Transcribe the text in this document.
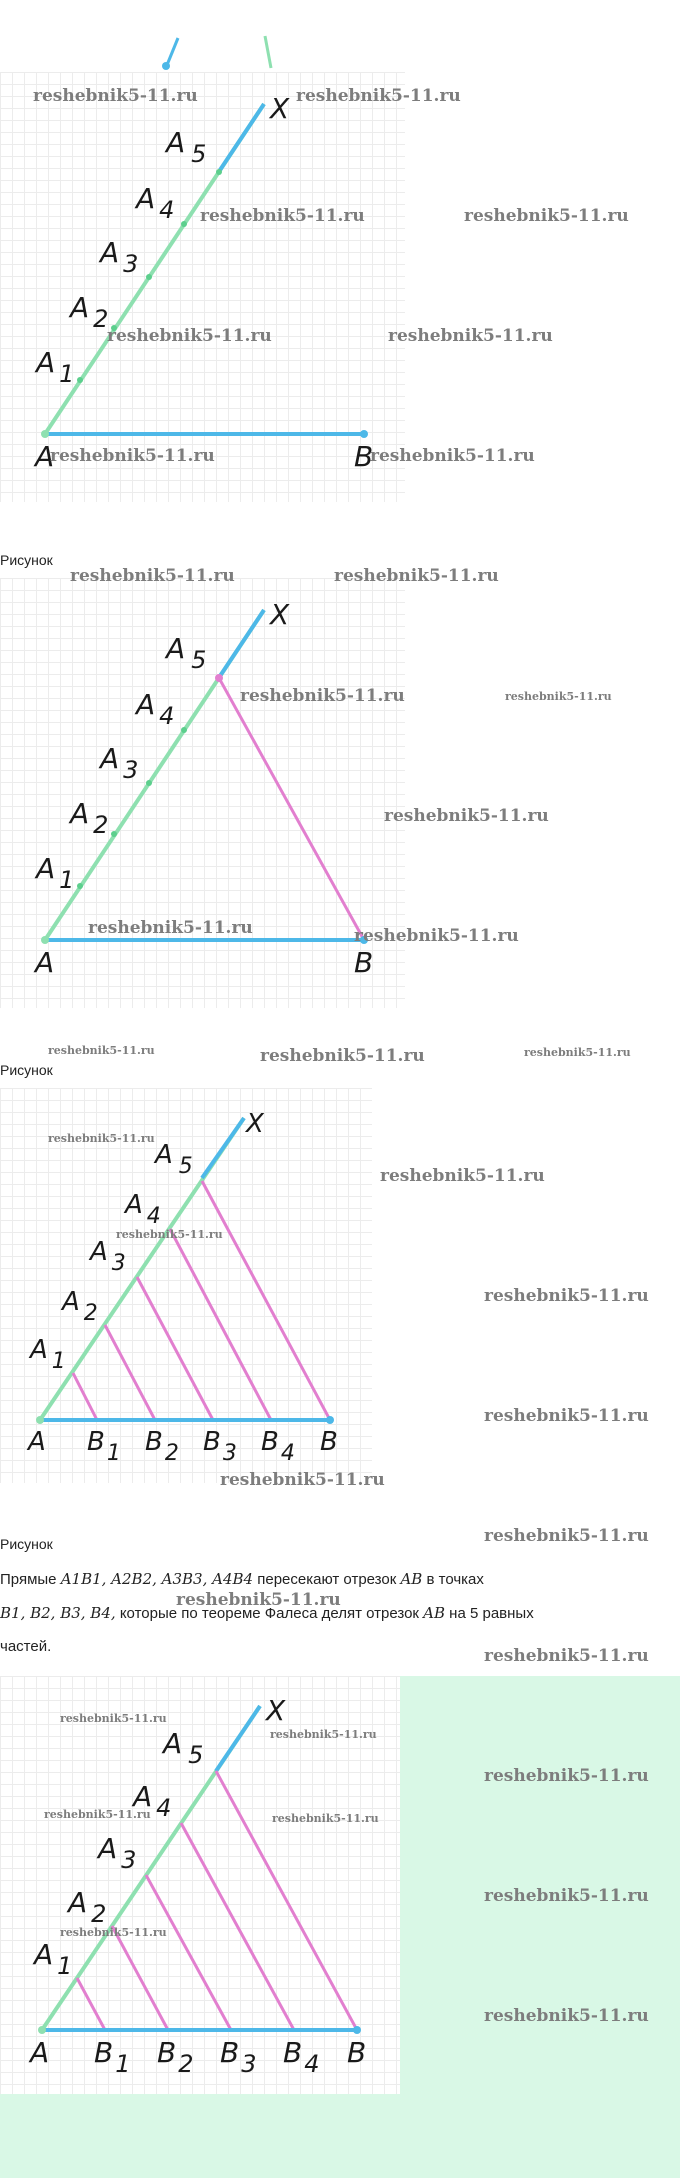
X
A 5
A 4
A 3
A 2
A 1
A	B
reshebnik5-11.ru	reshebnik5-11.ru
reshebnik5-11.ru	reshebnik5-11.ru
reshebnik5-11.ru	reshebnik5-11.ru
reshebnik5-11.ru	reshebnik5-11.ru
Рисунок
X
A 5
A 4
A 3
A 2
A 1
A	B
reshebnik5-11.ru	reshebnik5-11.ru
reshebnik5-11.ru	reshebnik5-11.ru
reshebnik5-11.ru
reshebnik5-11.ru	reshebnik5-11.ru
reshebnik5-11.ru	reshebnik5-11.ru	reshebnik5-11.ru
Рисунок
X
A $_5$
A $_4$
A $_3$
A $_2$
A $_1$
A $B_1$ $B_2$ $B_3$ $B_4$ B
reshebnik5-11.ru
reshebnik5-11.ru
reshebnik5-11.ru
reshebnik5-11.ru
reshebnik5-11.ru
reshebnik5-11.ru
reshebnik5-11.ru
reshebnik5-11.ru
Рисунок
Прямые A1B1, A2B2, A3B3, A4B4 пересекают отрезок AB в точках
B1, B2, B3, B4, которые по теореме Фалеса делят отрезок AB на 5 равных
частей.
reshebnik5-11.ru
X
A 5
A 4
A 3
A 2
A 1
A B1 B2 B3 B4 B
reshebnik5-11.ru
reshebnik5-11.ru
reshebnik5-11.ru
reshebnik5-11.ru	reshebnik5-11.ru
reshebnik5-11.ru
reshebnik5-11.ru
reshebnik5-11.ru
